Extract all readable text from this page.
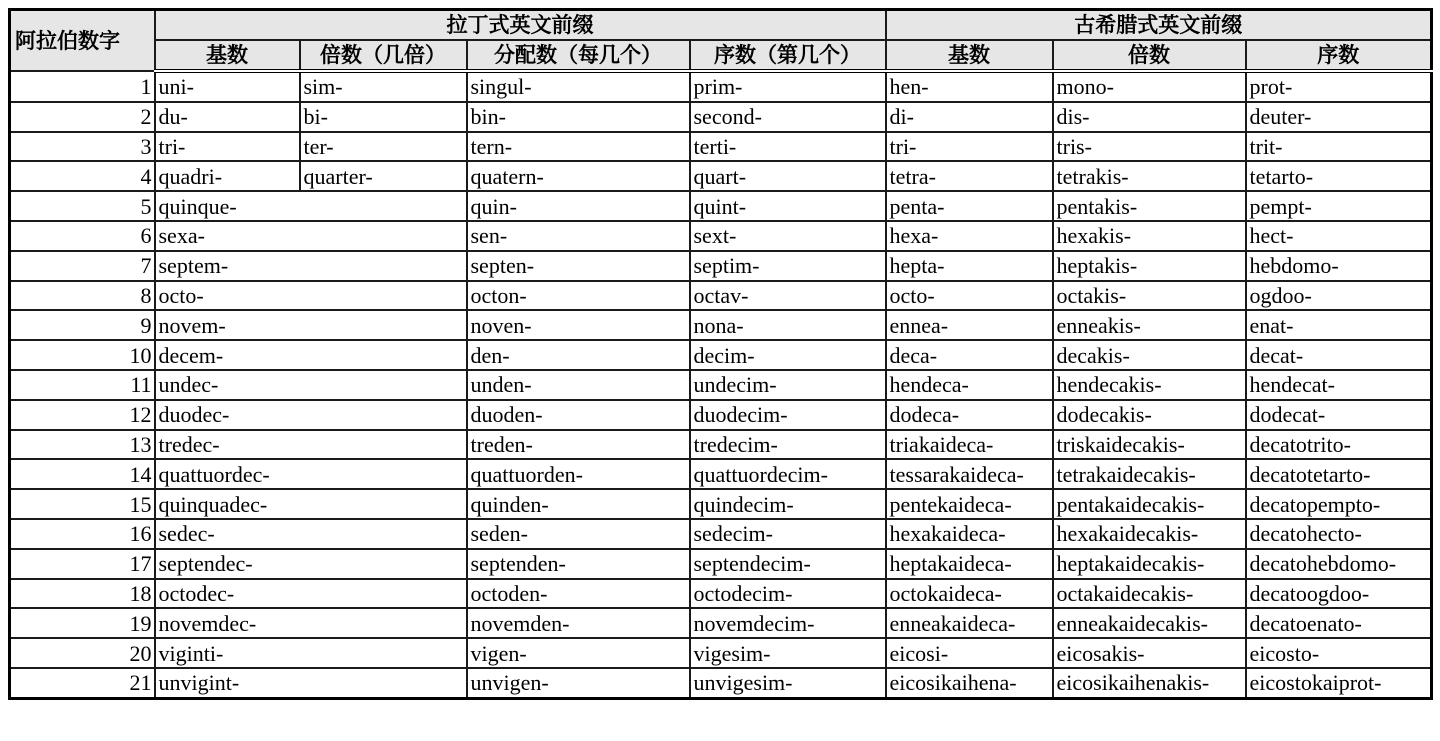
阿拉伯数字	拉丁式英文前缀				古希腊式英文前缀		
	基数	倍数（几倍）	分配数（每几个）	序数（第几个）	基数	倍数	序数
1	uni-	sim-	singul-	prim-	hen-	mono-	prot-
2	du-	bi-	bin-	second-	di-	dis-	deuter-
3	tri-	ter-	tern-	terti-	tri-	tris-	trit-
4	quadri-	quarter-	quatern-	quart-	tetra-	tetrakis-	tetarto-
5	quinque-		quin-	quint-	penta-	pentakis-	pempt-
6	sexa-		sen-	sext-	hexa-	hexakis-	hect-
7	septem-		septen-	septim-	hepta-	heptakis-	hebdomo-
8	octo-		octon-	octav-	octo-	octakis-	ogdoo-
9	novem-		noven-	nona-	ennea-	enneakis-	enat-
10	decem-		den-	decim-	deca-	decakis-	decat-
11	undec-		unden-	undecim-	hendeca-	hendecakis-	hendecat-
12	duodec-		duoden-	duodecim-	dodeca-	dodecakis-	dodecat-
13	tredec-		treden-	tredecim-	triakaideca-	triskaidecakis-	decatotrito-
14	quattuordec-		quattuorden-	quattuordecim-	tessarakaideca-	tetrakaidecakis-	decatotetarto-
15	quinquadec-		quinden-	quindecim-	pentekaideca-	pentakaidecakis-	decatopempto-
16	sedec-		seden-	sedecim-	hexakaideca-	hexakaidecakis-	decatohecto-
17	septendec-		septenden-	septendecim-	heptakaideca-	heptakaidecakis-	decatohebdomo-
18	octodec-		octoden-	octodecim-	octokaideca-	octakaidecakis-	decatoogdoo-
19	novemdec-		novemden-	novemdecim-	enneakaideca-	enneakaidecakis-	decatoenato-
20	viginti-		vigen-	vigesim-	eicosi-	eicosakis-	eicosto-
21	unvigint-		unvigen-	unvigesim-	eicosikaihena-	eicosikaihenakis-	eicostokaiprot-
